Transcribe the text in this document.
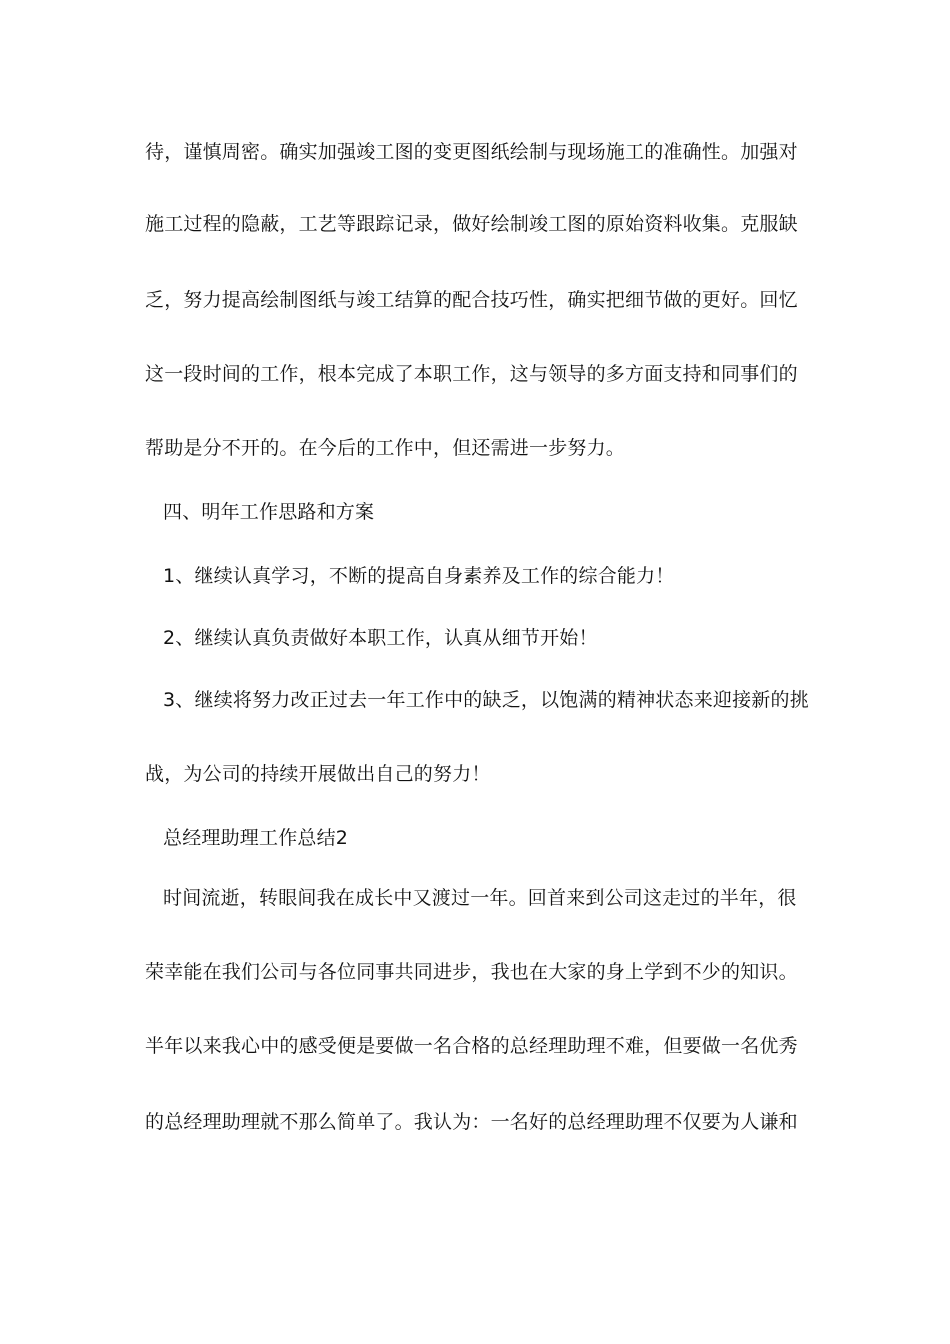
待，谨慎周密。确实加强竣工图的变更图纸绘制与现场施工的准确性。加强对
施工过程的隐蔽，工艺等跟踪记录，做好绘制竣工图的原始资料收集。克服缺
乏，努力提高绘制图纸与竣工结算的配合技巧性，确实把细节做的更好。回忆
这一段时间的工作，根本完成了本职工作，这与领导的多方面支持和同事们的
帮助是分不开的。在今后的工作中，但还需进一步努力。
四、明年工作思路和方案
1、继续认真学习，不断的提高自身素养及工作的综合能力！
2、继续认真负责做好本职工作，认真从细节开始！
3、继续将努力改正过去一年工作中的缺乏，以饱满的精神状态来迎接新的挑
战，为公司的持续开展做出自己的努力！
总经理助理工作总结2
时间流逝，转眼间我在成长中又渡过一年。回首来到公司这走过的半年，很
荣幸能在我们公司与各位同事共同进步，我也在大家的身上学到不少的知识。
半年以来我心中的感受便是要做一名合格的总经理助理不难，但要做一名优秀
的总经理助理就不那么简单了。我认为：一名好的总经理助理不仅要为人谦和
